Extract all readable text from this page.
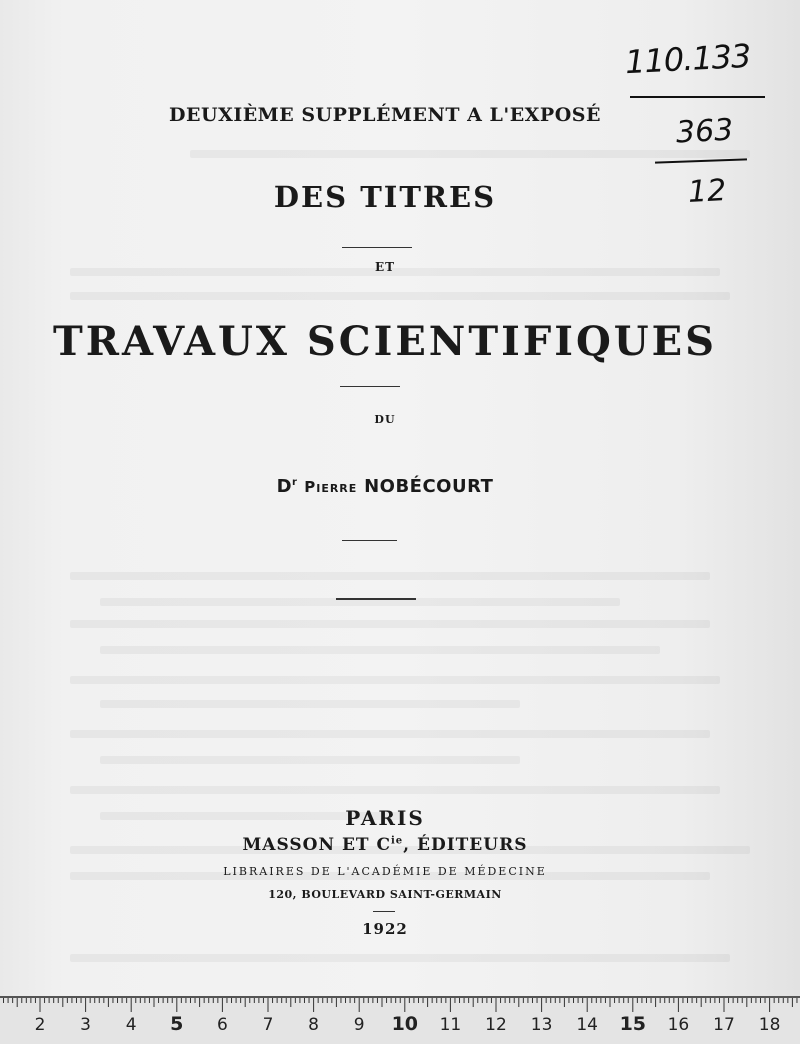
DEUXIÈME SUPPLÉMENT A L'EXPOSÉ
DES TITRES
ET
TRAVAUX SCIENTIFIQUES
DU
$D^r$ Pierre NOBÉCOURT
PARIS
MASSON ET $C^{ie}$, ÉDITEURS
LIBRAIRES DE L'ACADÉMIE DE MÉDECINE
120, BOULEVARD SAINT-GERMAIN
1922
110.133
363
12
2 3 4 5 6 7 8 9 10 11 12 13 14 15 16 17 18
